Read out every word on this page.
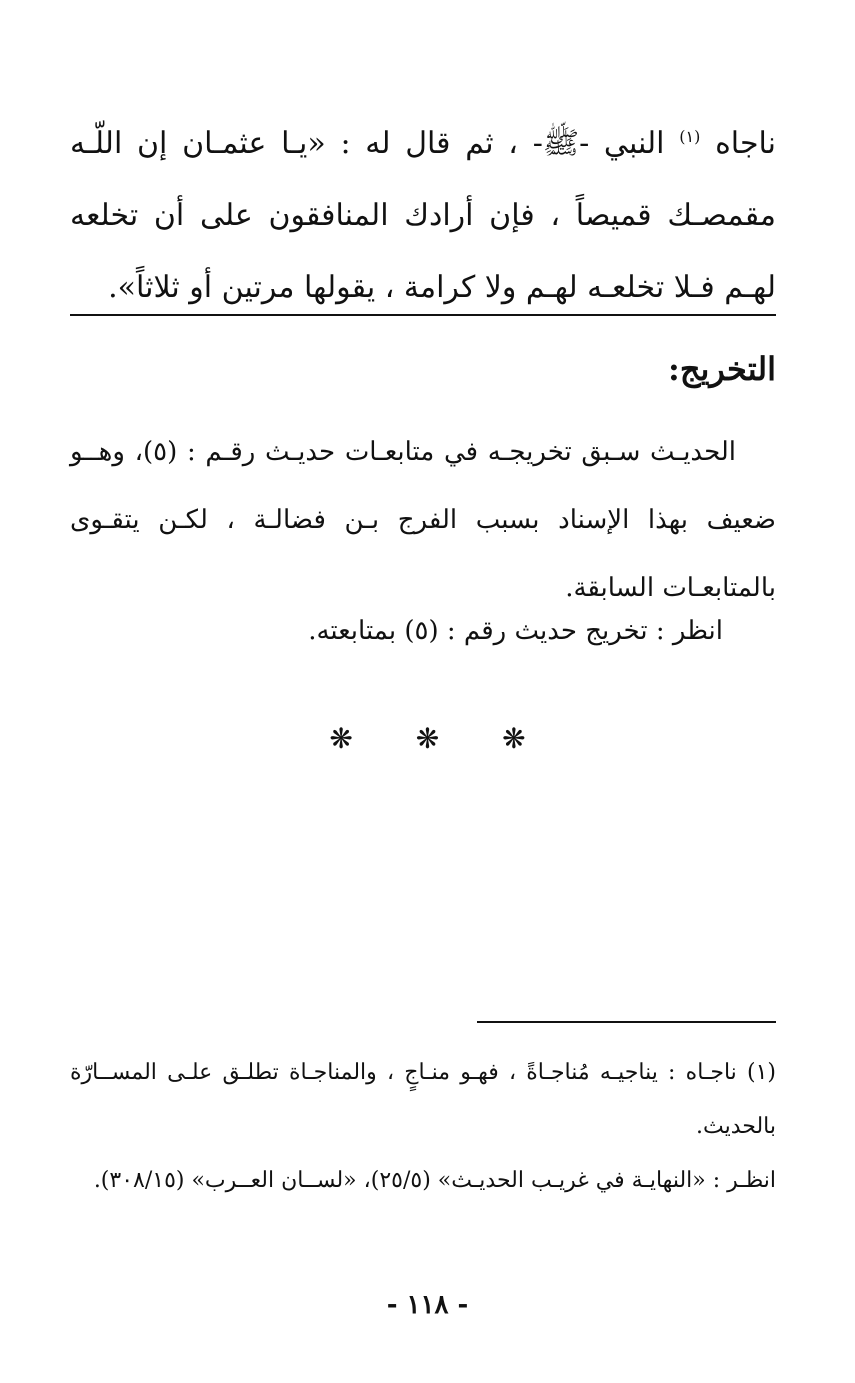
ناجاه $^{(١)}$ النبي -ﷺ- ، ثم قال له : «يـا عثمـان إن اللّـه مقمصـك قميصاً ، فإن أرادك المنافقون على أن تخلعه لهـم فـلا تخلعـه لهـم ولا كرامة ، يقولها مرتين أو ثلاثاً».

التخريج:

الحديـث سـبق تخريجـه في متابعـات حديـث رقـم : (٥)، وهــو ضعيف بهذا الإسناد بسبب الفرج بـن فضالـة ، لكـن يتقـوى بالمتابعـات السابقة.

انظر : تخريج حديث رقم : (٥) بمتابعته.

❋ ❋ ❋

(١) ناجـاه : يناجيـه مُناجـاةً ، فهـو منـاجٍ ، والمناجـاة تطلـق علـى المســارّة بالحديث.

انظـر : «النهايـة في غريـب الحديـث» (٢٥/٥)، «لســان العــرب» (٣٠٨/١٥).

- ١١٨ -
